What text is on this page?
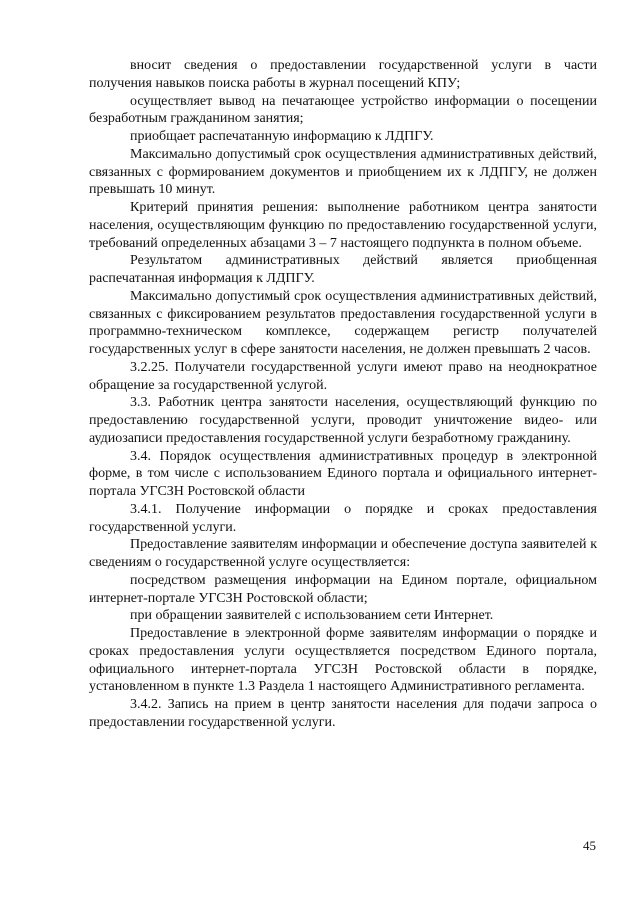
вносит сведения о предоставлении государственной услуги в части получения навыков поиска работы в журнал посещений КПУ;

осуществляет вывод на печатающее устройство информации о посещении безработным гражданином занятия;

приобщает распечатанную информацию к ЛДПГУ.

Максимально допустимый срок осуществления административных действий, связанных с формированием документов и приобщением их к ЛДПГУ, не должен превышать 10 минут.

Критерий принятия решения: выполнение работником центра занятости населения, осуществляющим функцию по предоставлению государственной услуги, требований определенных абзацами 3 – 7 настоящего подпункта в полном объеме.

Результатом административных действий является приобщенная распечатанная информация к ЛДПГУ.

Максимально допустимый срок осуществления административных действий, связанных с фиксированием результатов предоставления государственной услуги в программно-техническом комплексе, содержащем регистр получателей государственных услуг в сфере занятости населения, не должен превышать 2 часов.

3.2.25. Получатели государственной услуги имеют право на неоднократное обращение за государственной услугой.

3.3. Работник центра занятости населения, осуществляющий функцию по предоставлению государственной услуги, проводит уничтожение видео- или аудиозаписи предоставления государственной услуги безработному гражданину.

3.4. Порядок осуществления административных процедур в электронной форме, в том числе с использованием Единого портала и официального интернет-портала УГСЗН Ростовской области

3.4.1. Получение информации о порядке и сроках предоставления государственной услуги.

Предоставление заявителям информации и обеспечение доступа заявителей к сведениям о государственной услуге осуществляется:

посредством размещения информации на Едином портале, официальном интернет-портале УГСЗН Ростовской области;

при обращении заявителей с использованием сети Интернет.

Предоставление в электронной форме заявителям информации о порядке и сроках предоставления услуги осуществляется посредством Единого портала, официального интернет-портала УГСЗН Ростовской области в порядке, установленном в пункте 1.3 Раздела 1 настоящего Административного регламента.

3.4.2. Запись на прием в центр занятости населения для подачи запроса о предоставлении государственной услуги.

45
